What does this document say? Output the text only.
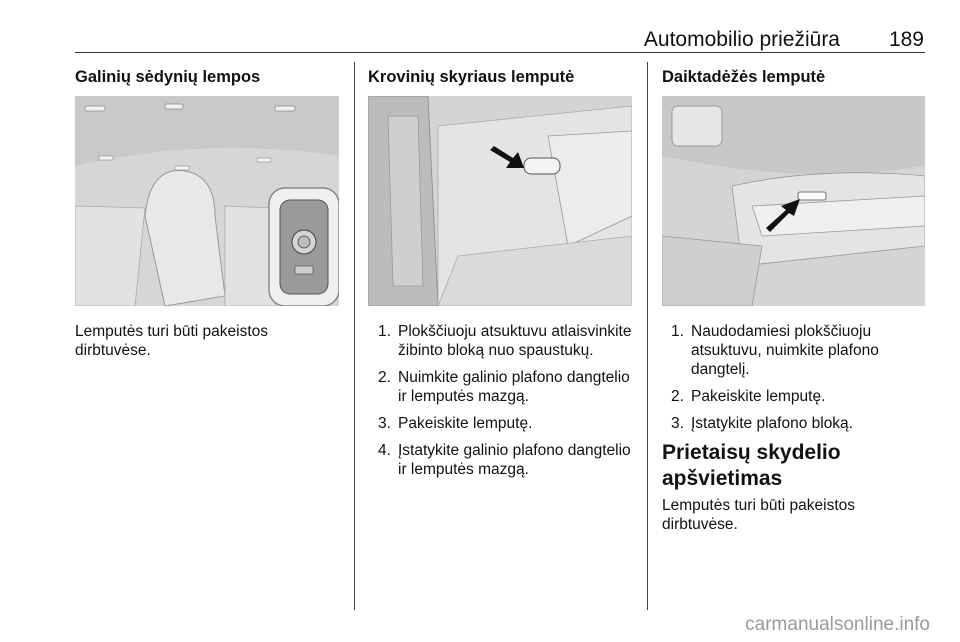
Automobilio priežiūra	189
Galinių sėdynių lempos
Lemputės turi būti pakeistos dirbtuvėse.
Krovinių skyriaus lemputė
1. Plokščiuoju atsuktuvu atlaisvinkite žibinto bloką nuo spaustukų.
2. Nuimkite galinio plafono dangtelio ir lemputės mazgą.
3. Pakeiskite lemputę.
4. Įstatykite galinio plafono dangtelio ir lemputės mazgą.
Daiktadėžės lemputė
1. Naudodamiesi plokščiuoju atsuktuvu, nuimkite plafono dangtelį.
2. Pakeiskite lemputę.
3. Įstatykite plafono bloką.
Prietaisų skydelio apšvietimas
Lemputės turi būti pakeistos dirbtuvėse.
carmanualsonline.info
